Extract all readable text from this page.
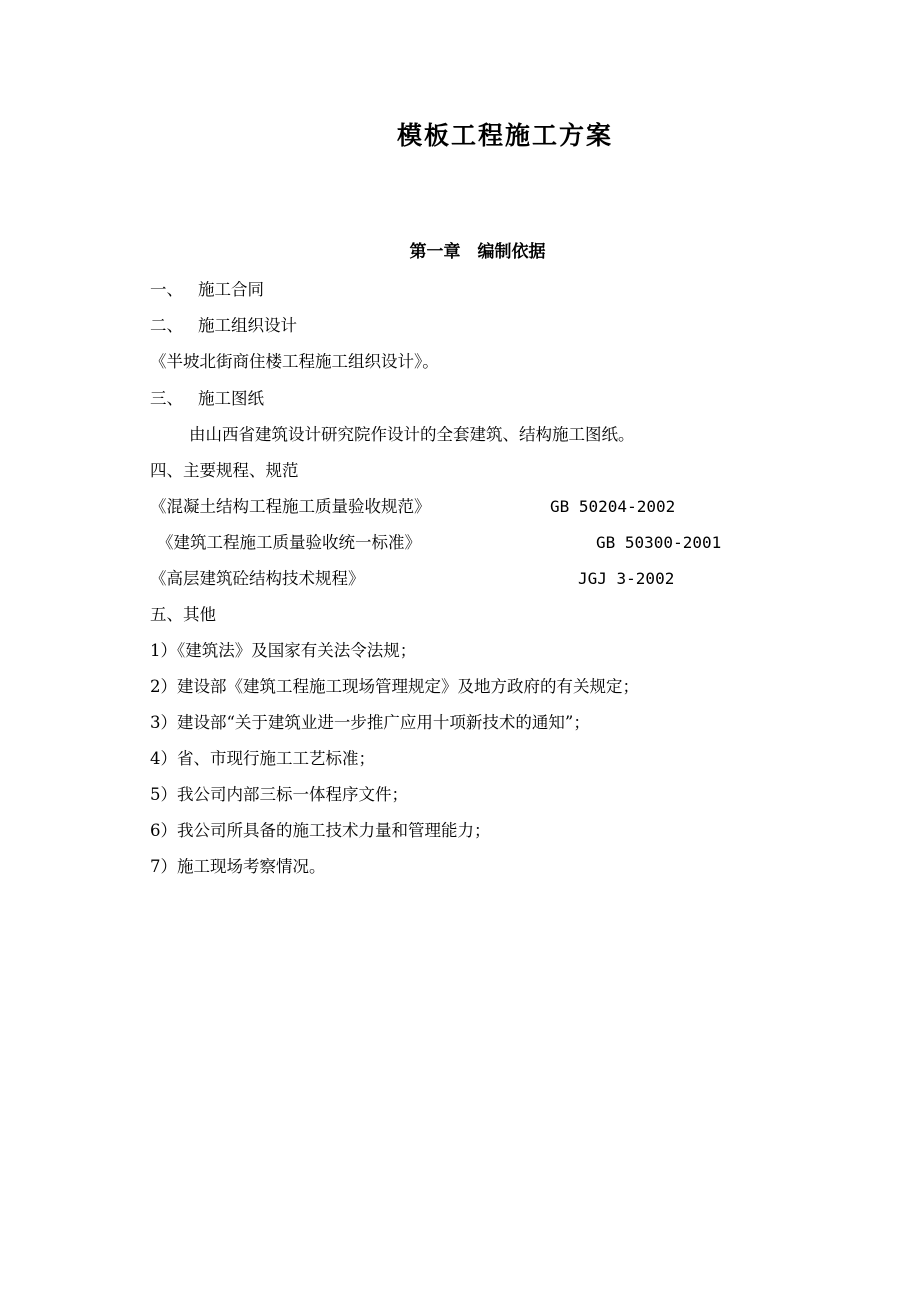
模板工程施工方案
第一章　编制依据
一、 施工合同
二、 施工组织设计
《半坡北街商住楼工程施工组织设计》。
三、 施工图纸
由山西省建筑设计研究院作设计的全套建筑、结构施工图纸。
四、主要规程、规范
《混凝土结构工程施工质量验收规范》	GB 50204-2002
《建筑工程施工质量验收统一标准》	GB 50300-2001
《高层建筑砼结构技术规程》	JGJ 3-2002
五、其他
1）《建筑法》及国家有关法令法规；
2）建设部《建筑工程施工现场管理规定》及地方政府的有关规定；
3）建设部“关于建筑业进一步推广应用十项新技术的通知”；
4）省、市现行施工工艺标准；
5）我公司内部三标一体程序文件；
6）我公司所具备的施工技术力量和管理能力；
7）施工现场考察情况。
